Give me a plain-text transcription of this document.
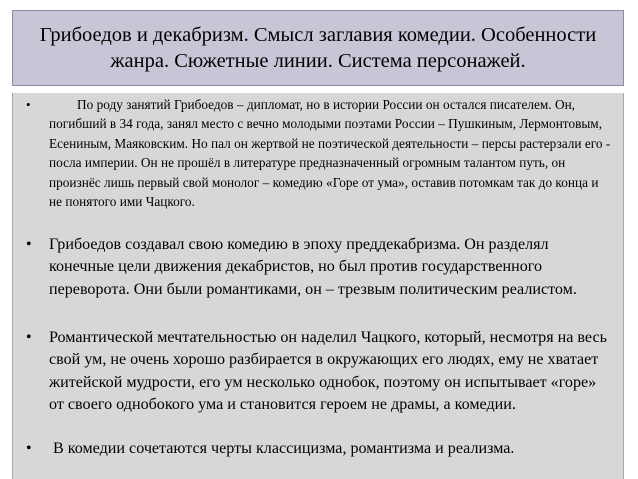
Грибоедов и декабризм. Смысл заглавия комедии. Особенности жанра. Сюжетные линии. Система персонажей.
•	По роду занятий Грибоедов – дипломат, но в истории России он остался писателем. Он, погибший в 34 года, занял место с вечно молодыми поэтами России – Пушкиным, Лермонтовым, Есениным, Маяковским. Но пал он жертвой не поэтической деятельности – персы растерзали его - посла империи. Он не прошёл в литературе предназначенный огромным талантом путь, он произнёс лишь первый свой монолог – комедию «Горе от ума», оставив потомкам так до конца и не понятого ими Чацкого.
• Грибоедов создавал свою комедию в эпоху преддекабризма. Он разделял конечные цели движения декабристов, но был против государственного переворота. Они были романтиками, он – трезвым политическим реалистом.
• Романтической мечтательностью он наделил Чацкого, который, несмотря на весь свой ум, не очень хорошо разбирается в окружающих его людях, ему не хватает житейской мудрости, его ум несколько однобок, поэтому он испытывает «горе» от своего однобокого ума и становится героем не драмы, а комедии.
• В комедии сочетаются черты классицизма, романтизма и реализма.
